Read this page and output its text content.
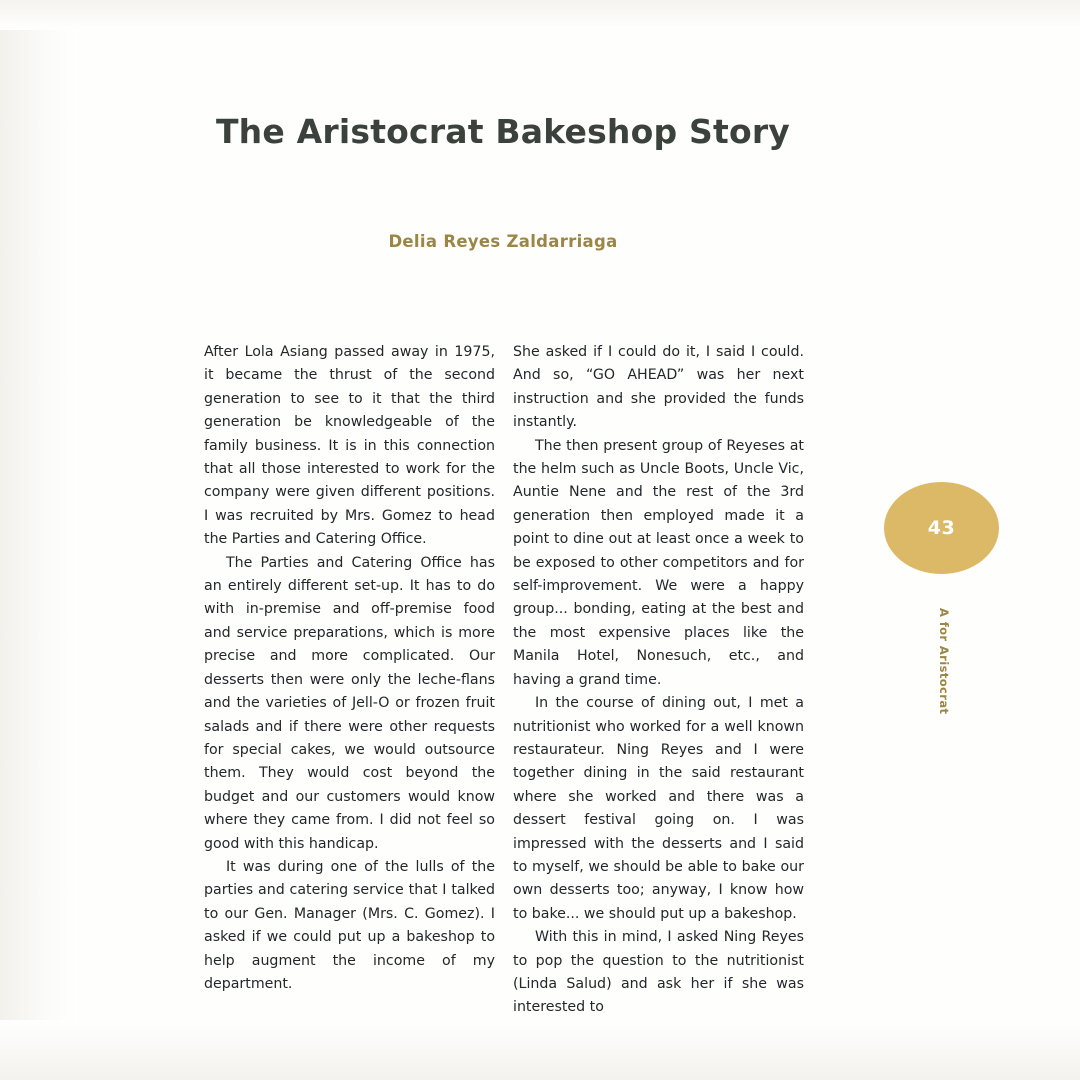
The Aristocrat Bakeshop Story
Delia Reyes Zaldarriaga

After Lola Asiang passed away in 1975, it became the thrust of the second generation to see to it that the third generation be knowledgeable of the family business. It is in this connection that all those interested to work for the company were given different positions. I was recruited by Mrs. Gomez to head the Parties and Catering Office.

The Parties and Catering Office has an entirely different set-up. It has to do with in-premise and off-premise food and service preparations, which is more precise and more complicated. Our desserts then were only the leche-flans and the varieties of Jell-O or frozen fruit salads and if there were other requests for special cakes, we would outsource them. They would cost beyond the budget and our customers would know where they came from. I did not feel so good with this handicap.

It was during one of the lulls of the parties and catering service that I talked to our Gen. Manager (Mrs. C. Gomez). I asked if we could put up a bakeshop to help augment the income of my department.

She asked if I could do it, I said I could. And so, “GO AHEAD” was her next instruction and she provided the funds instantly.

The then present group of Reyeses at the helm such as Uncle Boots, Uncle Vic, Auntie Nene and the rest of the 3rd generation then employed made it a point to dine out at least once a week to be exposed to other competitors and for self-improvement. We were a happy group... bonding, eating at the best and the most expensive places like the Manila Hotel, Nonesuch, etc., and having a grand time.

In the course of dining out, I met a nutritionist who worked for a well known restaurateur. Ning Reyes and I were together dining in the said restaurant where she worked and there was a dessert festival going on. I was impressed with the desserts and I said to myself, we should be able to bake our own desserts too; anyway, I know how to bake... we should put up a bakeshop.

With this in mind, I asked Ning Reyes to pop the question to the nutritionist (Linda Salud) and ask her if she was interested to

43
A for Aristocrat
